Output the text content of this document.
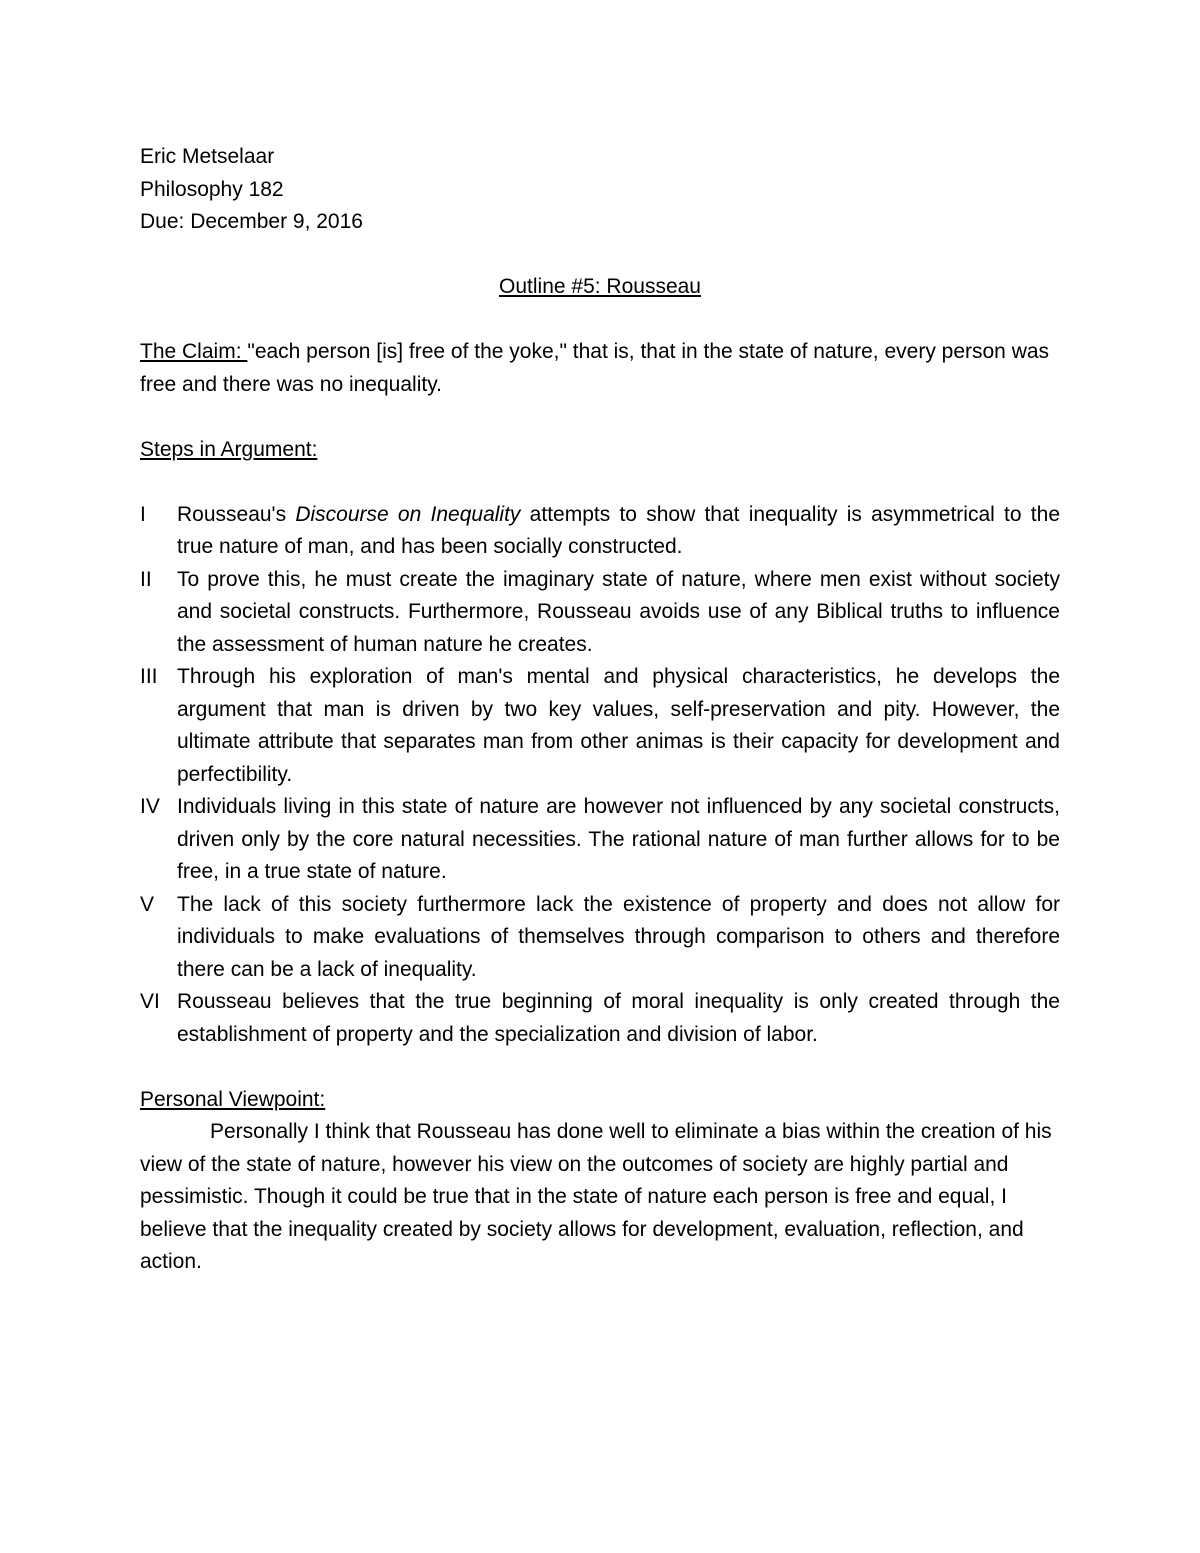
Eric Metselaar
Philosophy 182
Due: December 9, 2016
Outline #5: Rousseau
The Claim: "each person [is] free of the yoke," that is, that in the state of nature, every person was free and there was no inequality.
Steps in Argument:
I	Rousseau's Discourse on Inequality attempts to show that inequality is asymmetrical to the true nature of man, and has been socially constructed.
II	To prove this, he must create the imaginary state of nature, where men exist without society and societal constructs. Furthermore, Rousseau avoids use of any Biblical truths to influence the assessment of human nature he creates.
III Through his exploration of man's mental and physical characteristics, he develops the argument that man is driven by two key values, self-preservation and pity. However, the ultimate attribute that separates man from other animas is their capacity for development and perfectibility.
IV Individuals living in this state of nature are however not influenced by any societal constructs, driven only by the core natural necessities. The rational nature of man further allows for to be free, in a true state of nature.
V	The lack of this society furthermore lack the existence of property and does not allow for individuals to make evaluations of themselves through comparison to others and therefore there can be a lack of inequality.
VI Rousseau believes that the true beginning of moral inequality is only created through the establishment of property and the specialization and division of labor.
Personal Viewpoint:

Personally I think that Rousseau has done well to eliminate a bias within the creation of his view of the state of nature, however his view on the outcomes of society are highly partial and pessimistic. Though it could be true that in the state of nature each person is free and equal, I believe that the inequality created by society allows for development, evaluation, reflection, and action.
